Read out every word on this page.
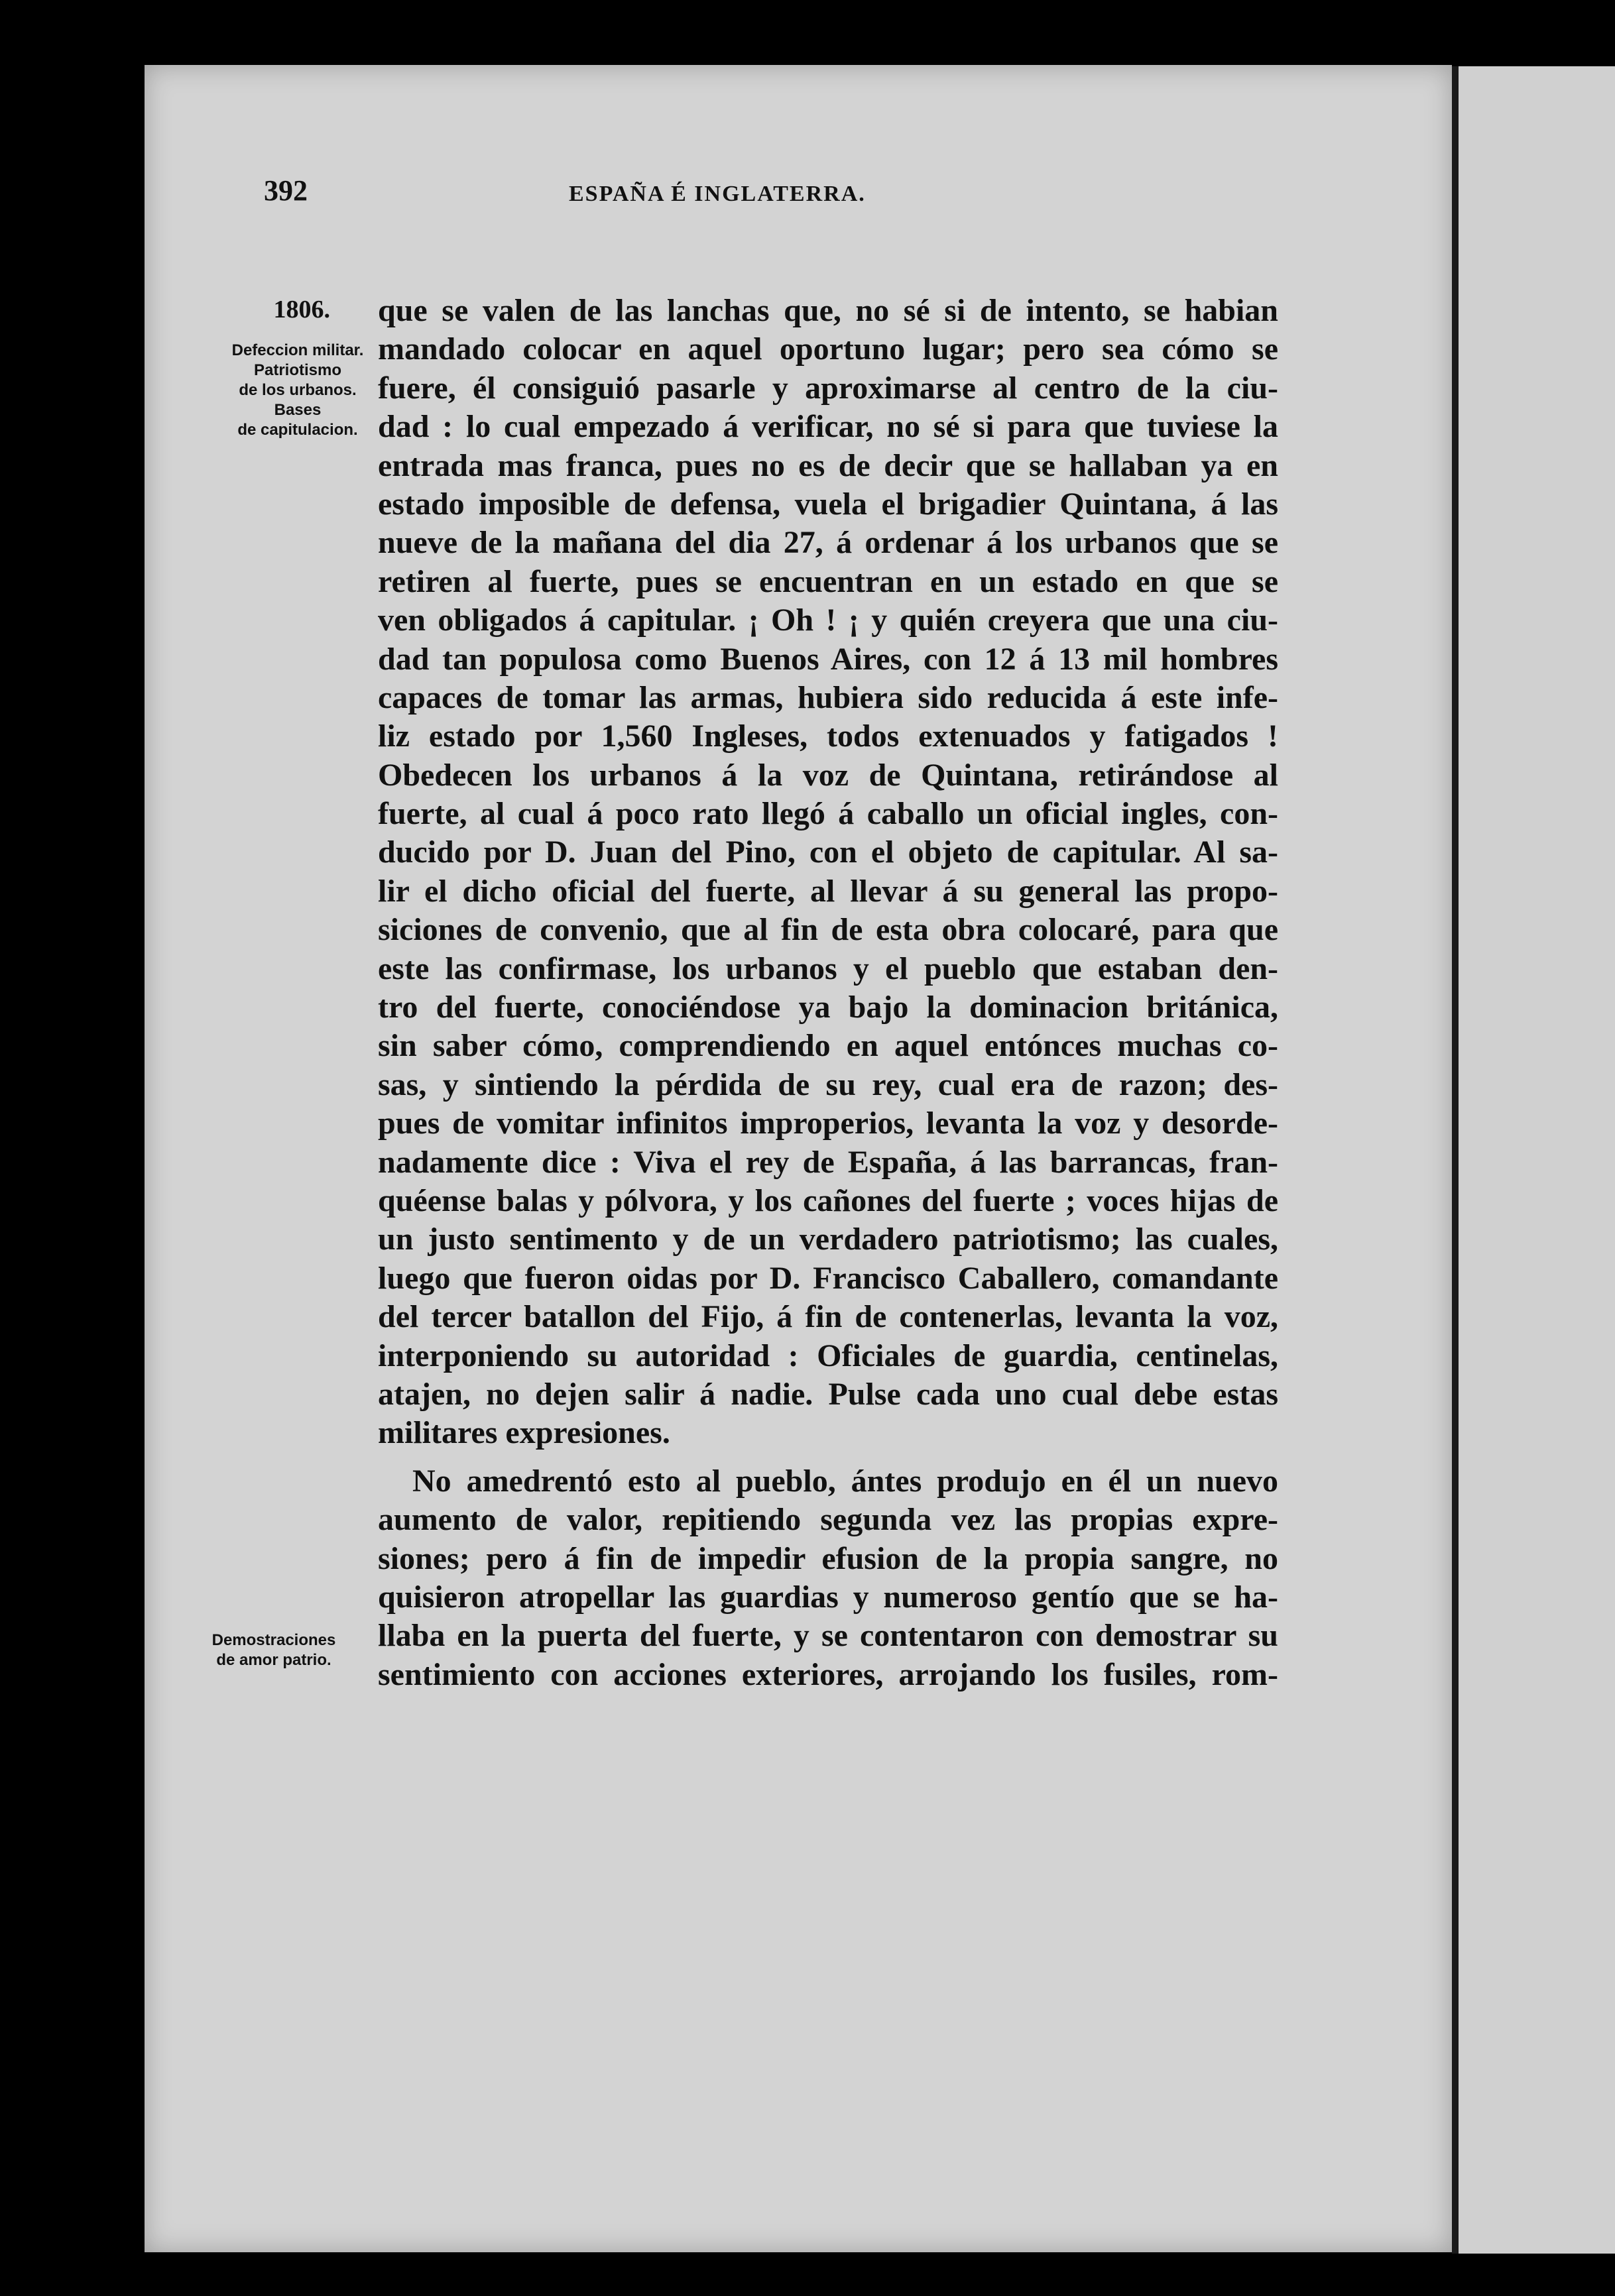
392	ESPAÑA É INGLATERRA.
1806.
Defeccion militar.
Patriotismo
de los urbanos.
Bases
de capitulacion.
Demostraciones
de amor patrio.
que se valen de las lanchas que, no sé si de intento, se habian
mandado colocar en aquel oportuno lugar; pero sea cómo se
fuere, él consiguió pasarle y aproximarse al centro de la ciu-
dad : lo cual empezado á verificar, no sé si para que tuviese la
entrada mas franca, pues no es de decir que se hallaban ya en
estado imposible de defensa, vuela el brigadier Quintana, á las
nueve de la mañana del dia 27, á ordenar á los urbanos que se
retiren al fuerte, pues se encuentran en un estado en que se
ven obligados á capitular. ¡ Oh ! ¡ y quién creyera que una ciu-
dad tan populosa como Buenos Aires, con 12 á 13 mil hombres
capaces de tomar las armas, hubiera sido reducida á este infe-
liz estado por 1,560 Ingleses, todos extenuados y fatigados !
Obedecen los urbanos á la voz de Quintana, retirándose al
fuerte, al cual á poco rato llegó á caballo un oficial ingles, con-
ducido por D. Juan del Pino, con el objeto de capitular. Al sa-
lir el dicho oficial del fuerte, al llevar á su general las propo-
siciones de convenio, que al fin de esta obra colocaré, para que
este las confirmase, los urbanos y el pueblo que estaban den-
tro del fuerte, conociéndose ya bajo la dominacion británica,
sin saber cómo, comprendiendo en aquel entónces muchas co-
sas, y sintiendo la pérdida de su rey, cual era de razon; des-
pues de vomitar infinitos improperios, levanta la voz y desorde-
nadamente dice : Viva el rey de España, á las barrancas, fran-
quéense balas y pólvora, y los cañones del fuerte ; voces hijas de
un justo sentimento y de un verdadero patriotismo; las cuales,
luego que fueron oidas por D. Francisco Caballero, comandante
del tercer batallon del Fijo, á fin de contenerlas, levanta la voz,
interponiendo su autoridad : Oficiales de guardia, centinelas,
atajen, no dejen salir á nadie. Pulse cada uno cual debe estas
militares expresiones.
No amedrentó esto al pueblo, ántes produjo en él un nuevo
aumento de valor, repitiendo segunda vez las propias expre-
siones; pero á fin de impedir efusion de la propia sangre, no
quisieron atropellar las guardias y numeroso gentío que se ha-
llaba en la puerta del fuerte, y se contentaron con demostrar su
sentimiento con acciones exteriores, arrojando los fusiles, rom-
